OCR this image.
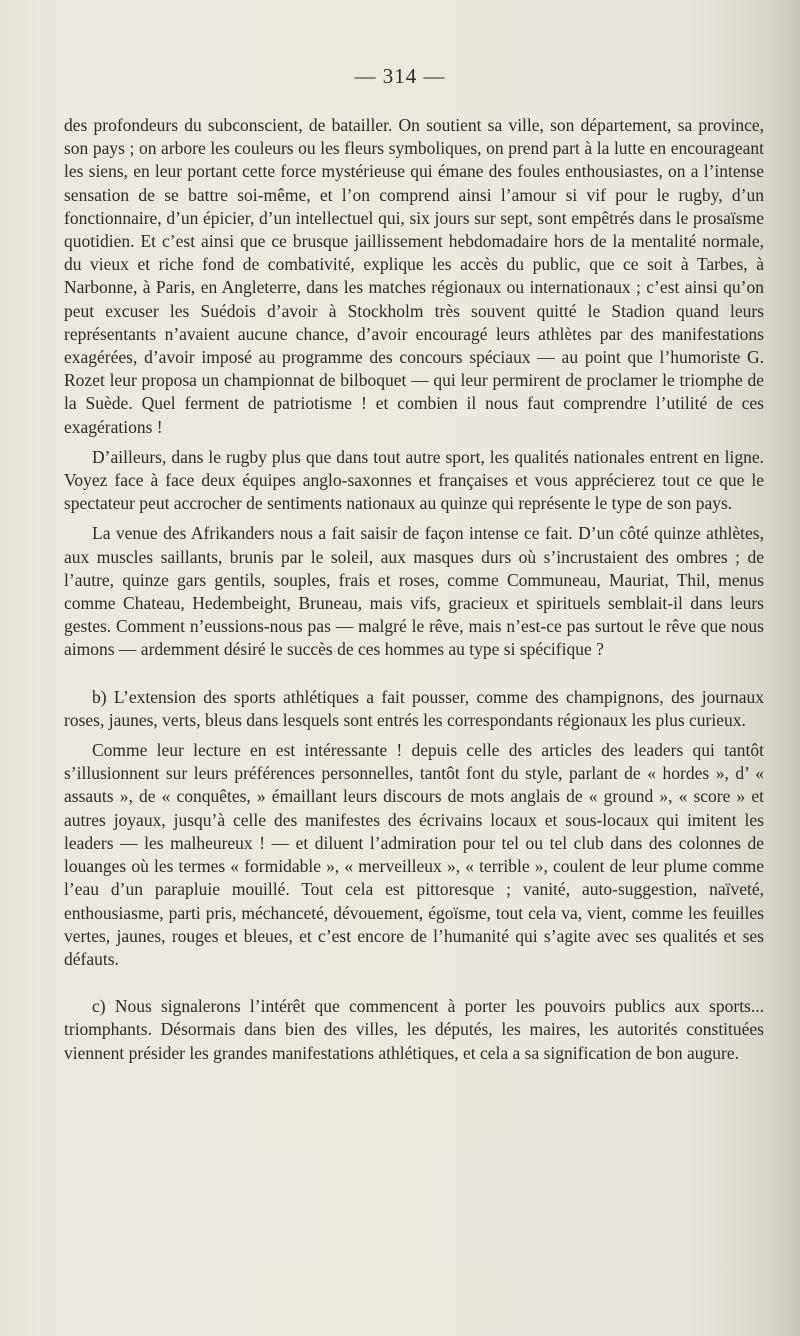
— 314 —

des profondeurs du subconscient, de batailler. On soutient sa ville, son département, sa province, son pays ; on arbore les couleurs ou les fleurs symboliques, on prend part à la lutte en encourageant les siens, en leur portant cette force mystérieuse qui émane des foules enthousiastes, on a l’intense sensation de se battre soi-même, et l’on comprend ainsi l’amour si vif pour le rugby, d’un fonctionnaire, d’un épicier, d’un intellectuel qui, six jours sur sept, sont empêtrés dans le prosaïsme quotidien. Et c’est ainsi que ce brusque jaillissement hebdomadaire hors de la mentalité normale, du vieux et riche fond de combativité, explique les accès du public, que ce soit à Tarbes, à Narbonne, à Paris, en Angleterre, dans les matches régionaux ou internationaux ; c’est ainsi qu’on peut excuser les Suédois d’avoir à Stockholm très souvent quitté le Stadion quand leurs représentants n’avaient aucune chance, d’avoir encouragé leurs athlètes par des manifestations exagérées, d’avoir imposé au programme des concours spéciaux — au point que l’humoriste G. Rozet leur proposa un championnat de bilboquet — qui leur permirent de proclamer le triomphe de la Suède. Quel ferment de patriotisme ! et combien il nous faut comprendre l’utilité de ces exagérations !

D’ailleurs, dans le rugby plus que dans tout autre sport, les qualités nationales entrent en ligne. Voyez face à face deux équipes anglo-saxonnes et françaises et vous apprécierez tout ce que le spectateur peut accrocher de sentiments nationaux au quinze qui représente le type de son pays.

La venue des Afrikanders nous a fait saisir de façon intense ce fait. D’un côté quinze athlètes, aux muscles saillants, brunis par le soleil, aux masques durs où s’incrustaient des ombres ; de l’autre, quinze gars gentils, souples, frais et roses, comme Communeau, Mauriat, Thil, menus comme Chateau, Hedembeight, Bruneau, mais vifs, gracieux et spirituels semblait-il dans leurs gestes. Comment n’eussions-nous pas — malgré le rêve, mais n’est-ce pas surtout le rêve que nous aimons — ardemment désiré le succès de ces hommes au type si spécifique ?

b) L’extension des sports athlétiques a fait pousser, comme des champignons, des journaux roses, jaunes, verts, bleus dans lesquels sont entrés les correspondants régionaux les plus curieux.

Comme leur lecture en est intéressante ! depuis celle des articles des leaders qui tantôt s’illusionnent sur leurs préférences personnelles, tantôt font du style, parlant de « hordes », d’ « assauts », de « conquêtes, » émaillant leurs discours de mots anglais de « ground », « score » et autres joyaux, jusqu’à celle des manifestes des écrivains locaux et sous-locaux qui imitent les leaders — les malheureux ! — et diluent l’admiration pour tel ou tel club dans des colonnes de louanges où les termes « formidable », « merveilleux », « terrible », coulent de leur plume comme l’eau d’un parapluie mouillé. Tout cela est pittoresque ; vanité, auto-suggestion, naïveté, enthousiasme, parti pris, méchanceté, dévouement, égoïsme, tout cela va, vient, comme les feuilles vertes, jaunes, rouges et bleues, et c’est encore de l’humanité qui s’agite avec ses qualités et ses défauts.

c) Nous signalerons l’intérêt que commencent à porter les pouvoirs publics aux sports... triomphants. Désormais dans bien des villes, les députés, les maires, les autorités constituées viennent présider les grandes manifestations athlétiques, et cela a sa signification de bon augure.
